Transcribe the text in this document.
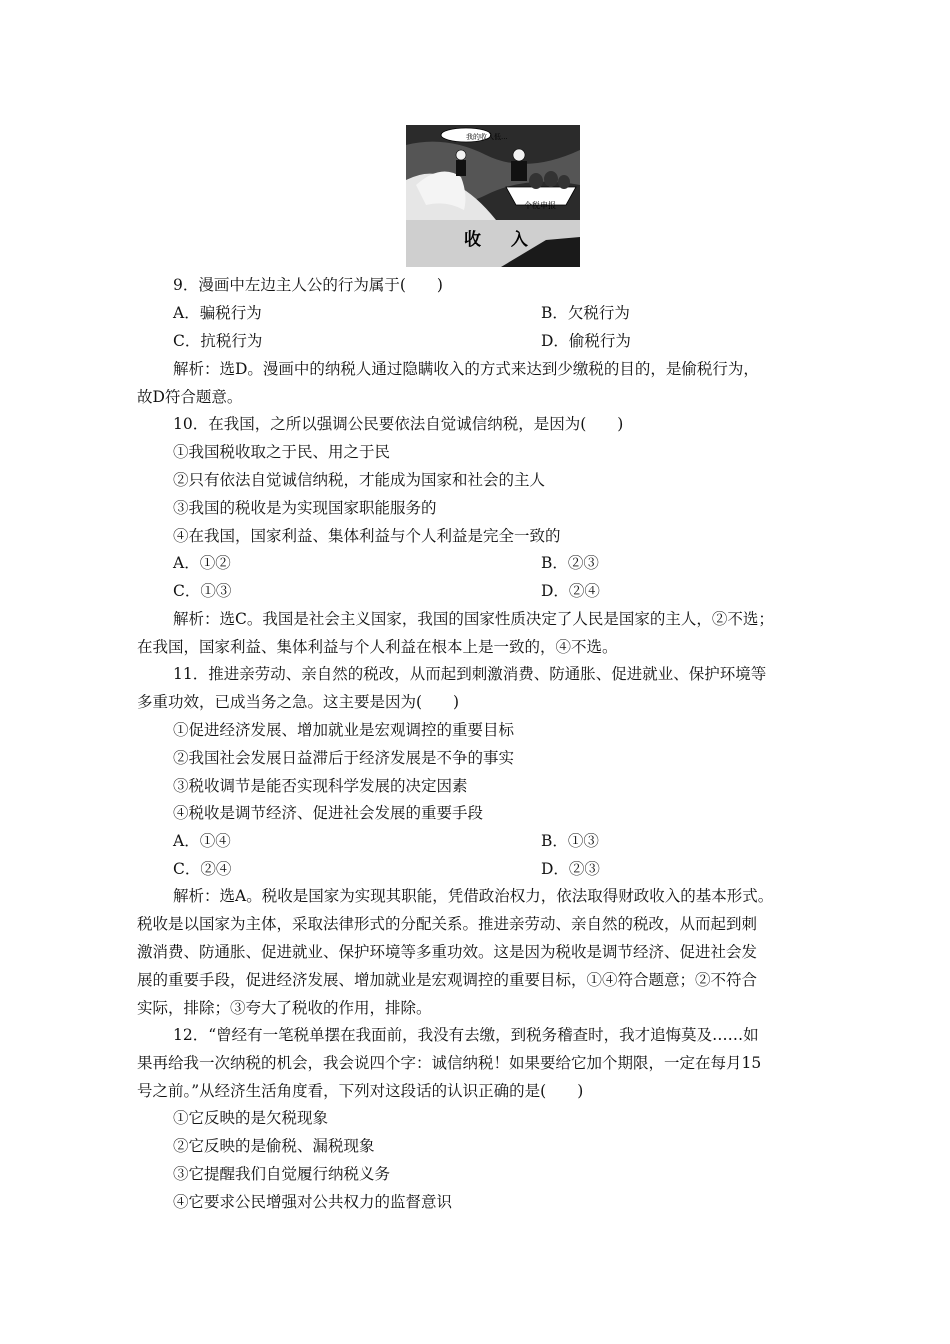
我的收入低...
个税申报
收 入
9．漫画中左边主人公的行为属于(　　)
A．骗税行为	B．欠税行为
C．抗税行为	D．偷税行为
解析：选D。漫画中的纳税人通过隐瞒收入的方式来达到少缴税的目的，是偷税行为，
故D符合题意。
10．在我国，之所以强调公民要依法自觉诚信纳税，是因为(　　)
①我国税收取之于民、用之于民
②只有依法自觉诚信纳税，才能成为国家和社会的主人
③我国的税收是为实现国家职能服务的
④在我国，国家利益、集体利益与个人利益是完全一致的
A．①②	B．②③
C．①③	D．②④
解析：选C。我国是社会主义国家，我国的国家性质决定了人民是国家的主人，②不选；
在我国，国家利益、集体利益与个人利益在根本上是一致的，④不选。
11．推进亲劳动、亲自然的税改，从而起到刺激消费、防通胀、促进就业、保护环境等
多重功效，已成当务之急。这主要是因为(　　)
①促进经济发展、增加就业是宏观调控的重要目标
②我国社会发展日益滞后于经济发展是不争的事实
③税收调节是能否实现科学发展的决定因素
④税收是调节经济、促进社会发展的重要手段
A．①④	B．①③
C．②④	D．②③
解析：选A。税收是国家为实现其职能，凭借政治权力，依法取得财政收入的基本形式。
税收是以国家为主体，采取法律形式的分配关系。推进亲劳动、亲自然的税改，从而起到刺
激消费、防通胀、促进就业、保护环境等多重功效。这是因为税收是调节经济、促进社会发
展的重要手段，促进经济发展、增加就业是宏观调控的重要目标，①④符合题意；②不符合
实际，排除；③夸大了税收的作用，排除。
12．“曾经有一笔税单摆在我面前，我没有去缴，到税务稽查时，我才追悔莫及……如
果再给我一次纳税的机会，我会说四个字：诚信纳税！如果要给它加个期限，一定在每月15
号之前。”从经济生活角度看，下列对这段话的认识正确的是(　　)
①它反映的是欠税现象
②它反映的是偷税、漏税现象
③它提醒我们自觉履行纳税义务
④它要求公民增强对公共权力的监督意识
